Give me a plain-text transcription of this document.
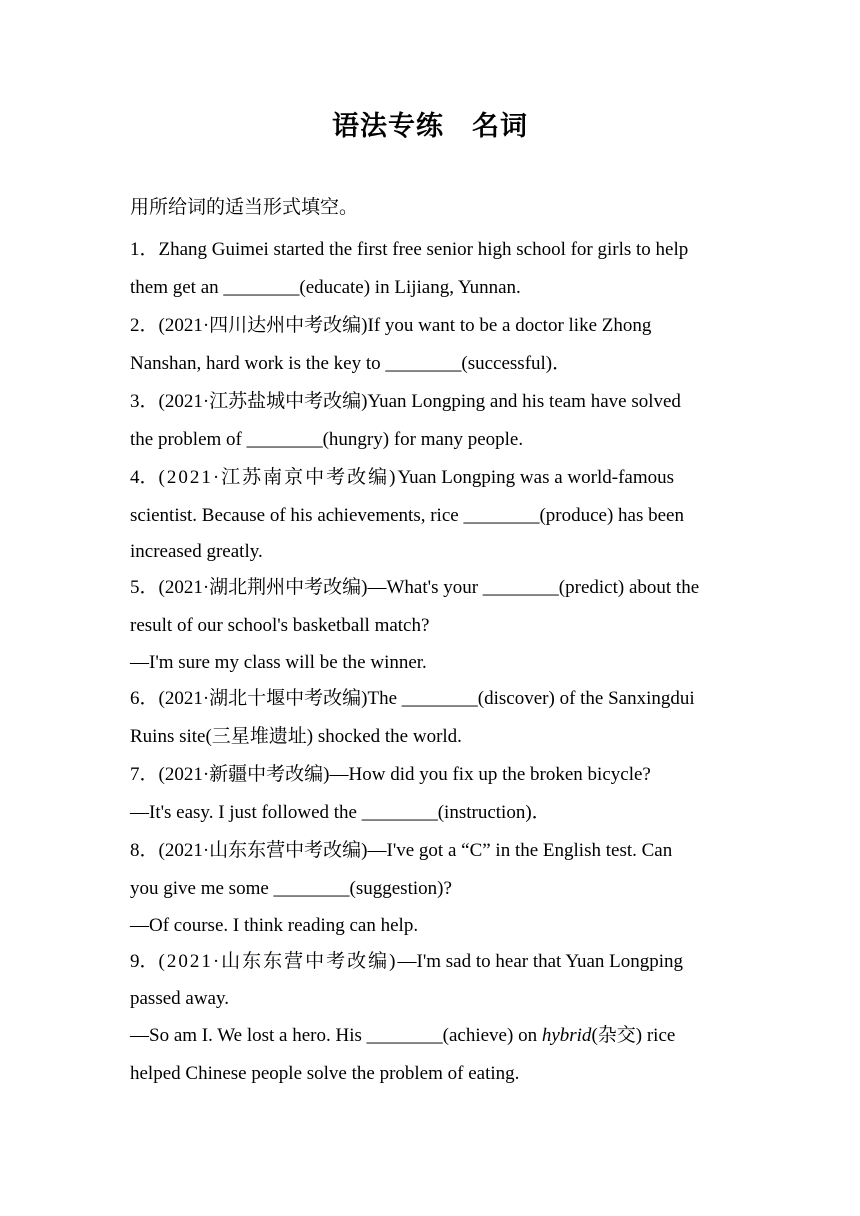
语法专练 名词
用所给词的适当形式填空。

1．Zhang Guimei started the first free senior high school for girls to help

them get an ________(educate) in Lijiang, Yunnan.

2．(2021·四川达州中考改编)If you want to be a doctor like Zhong

Nanshan, hard work is the key to ________(successful)．

3．(2021·江苏盐城中考改编)Yuan Longping and his team have solved

the problem of ________(hungry) for many people.

4．(2021·江苏南京中考改编)Yuan Longping was a world-famous

scientist. Because of his achievements, rice ________(produce) has been

increased greatly.

5．(2021·湖北荆州中考改编)—What's your ________(predict) about the

result of our school's basketball match?

—I'm sure my class will be the winner.

6．(2021·湖北十堰中考改编)The ________(discover) of the Sanxingdui

Ruins site(三星堆遗址) shocked the world.

7．(2021·新疆中考改编)—How did you fix up the broken bicycle?

—It's easy. I just followed the ________(instruction)．

8．(2021·山东东营中考改编)—I've got a “C” in the English test. Can

you give me some ________(suggestion)?

—Of course. I think reading can help.

9．(2021·山东东营中考改编)—I'm sad to hear that Yuan Longping

passed away.

—So am I. We lost a hero. His ________(achieve) on hybrid(杂交) rice

helped Chinese people solve the problem of eating.
